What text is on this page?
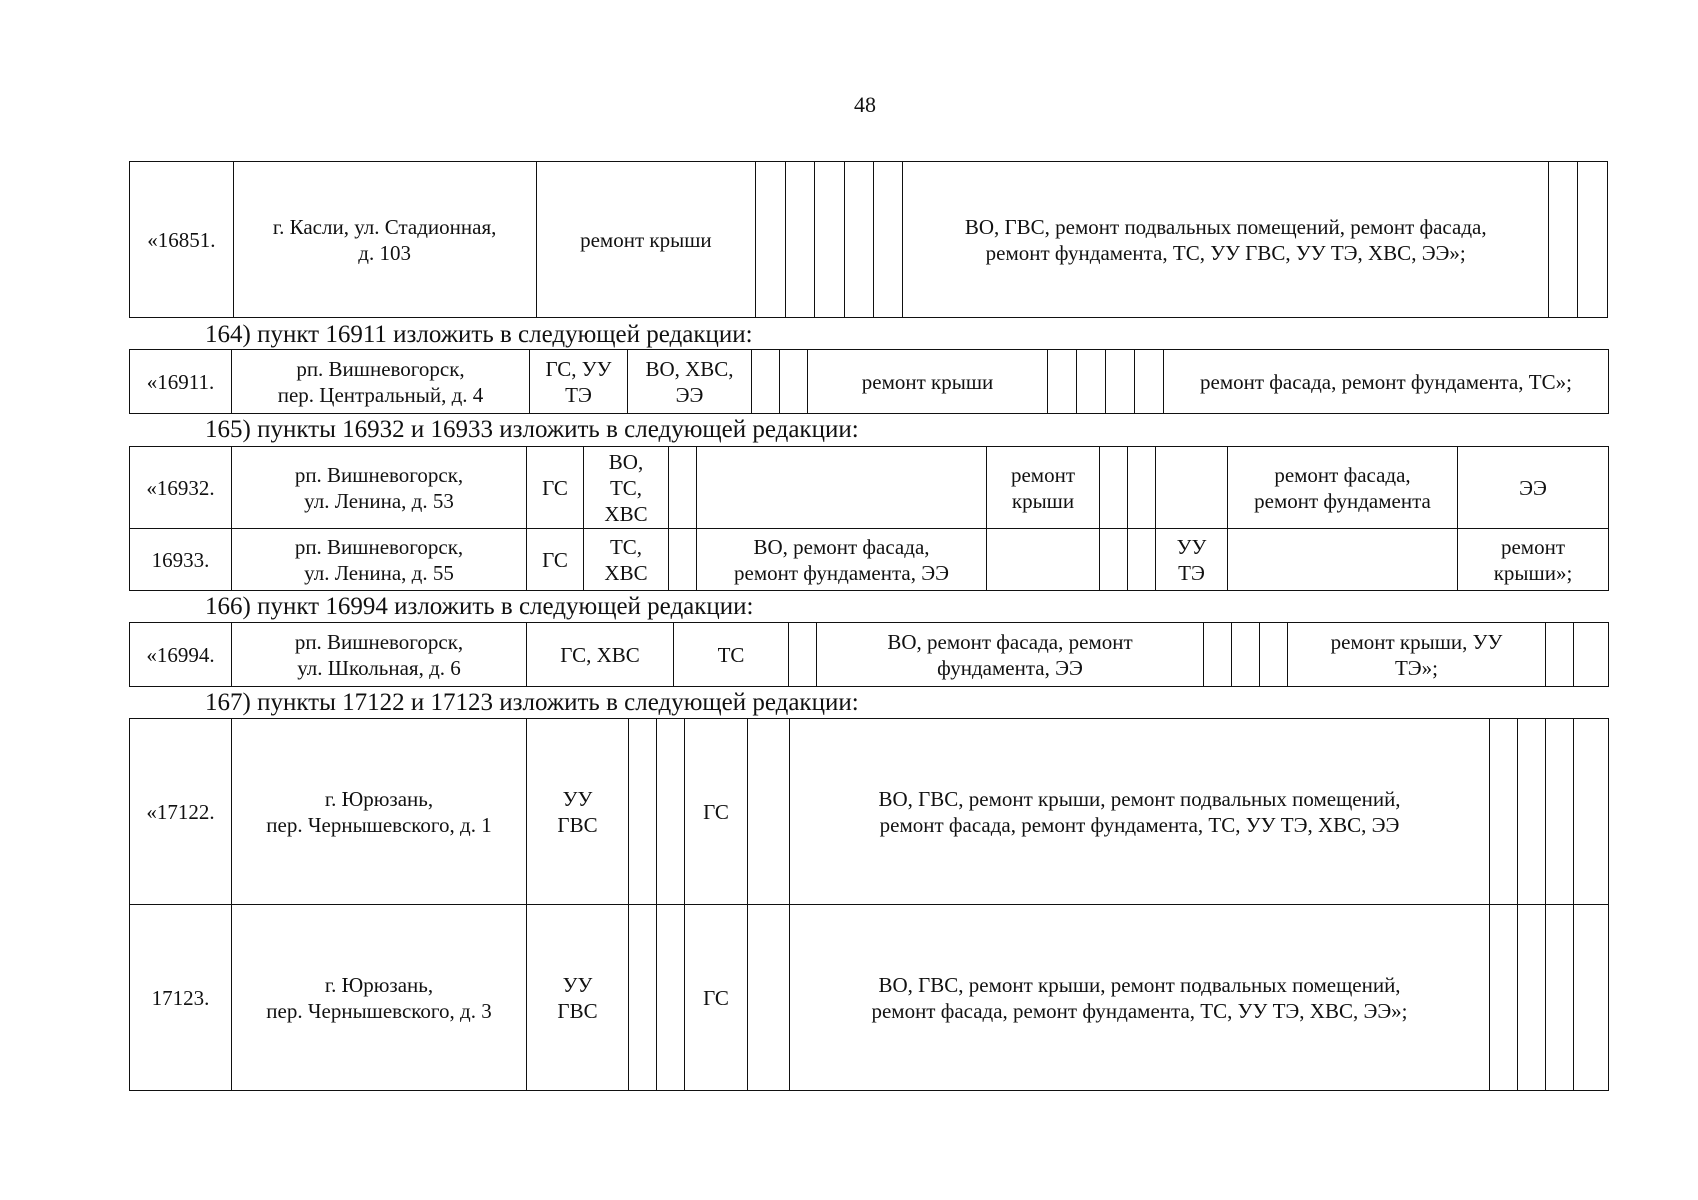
48
«16851.	г. Касли, ул. Стадионная,
д. 103	ремонт крыши						ВО, ГВС, ремонт подвальных помещений, ремонт фасада,
ремонт фундамента, ТС, УУ ГВС, УУ ТЭ, ХВС, ЭЭ»;		
164) пункт 16911 изложить в следующей редакции:
«16911.	рп. Вишневогорск,
пер. Центральный, д. 4	ГС, УУ
ТЭ	ВО, ХВС,
ЭЭ			ремонт крыши					ремонт фасада, ремонт фундамента, ТС»;
165) пункты 16932 и 16933 изложить в следующей редакции:
«16932.	рп. Вишневогорск,
ул. Ленина, д. 53	ГС	ВО,
ТС,
ХВС			ремонт
крыши				ремонт фасада,
ремонт фундамента	ЭЭ
16933.	рп. Вишневогорск,
ул. Ленина, д. 55	ГС	ТС,
ХВС		ВО, ремонт фасада,
ремонт фундамента, ЭЭ				УУ
ТЭ		ремонт
крыши»;
166) пункт 16994 изложить в следующей редакции:
«16994.	рп. Вишневогорск,
ул. Школьная, д. 6	ГС, ХВС	ТС		ВО, ремонт фасада, ремонт
фундамента, ЭЭ				ремонт крыши, УУ
ТЭ»;		
167) пункты 17122 и 17123 изложить в следующей редакции:
«17122.	г. Юрюзань,
пер. Чернышевского, д. 1	УУ
ГВС			ГС		ВО, ГВС, ремонт крыши, ремонт подвальных помещений,
ремонт фасада, ремонт фундамента, ТС, УУ ТЭ, ХВС, ЭЭ				
17123.	г. Юрюзань,
пер. Чернышевского, д. 3	УУ
ГВС			ГС		ВО, ГВС, ремонт крыши, ремонт подвальных помещений,
ремонт фасада, ремонт фундамента, ТС, УУ ТЭ, ХВС, ЭЭ»;				
